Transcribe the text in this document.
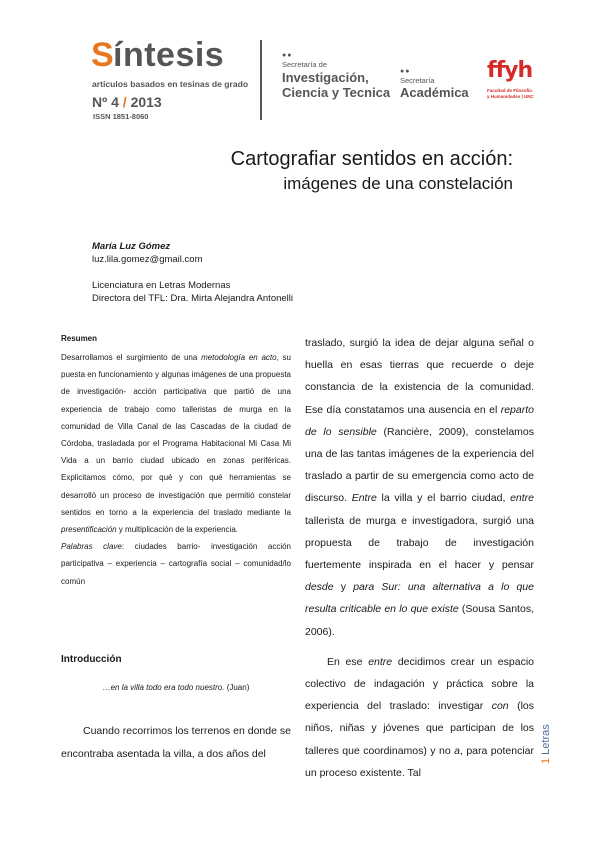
S íntesis
artículos basados en tesinas de grado
Nº 4 / 2013
ISSN 1851-8060
●●
Secretaría de
Investigación,
Ciencia y Tecnica
●●
Secretaría
Académica
ffyh
Facultad de Filosofía
y Humanidades | UNC
Cartografiar sentidos en acción:
imágenes de una constelación
María Luz Gómez
luz.lila.gomez@gmail.com
Licenciatura en Letras Modernas
Directora del TFL: Dra. Mirta Alejandra Antonelli
Resumen

Desarrollamos el surgimiento de una metodología en acto, su puesta en funcionamiento y algunas imágenes de una propuesta de investigación- acción participativa que partió de una experiencia de trabajo como talleristas de murga en la comunidad de Villa Canal de las Cascadas de la ciudad de Córdoba, trasladada por el Programa Habitacional Mi Casa Mi Vida a un barrio ciudad ubicado en zonas periféricas. Explicitamos cómo, por qué y con qué herramientas se desarrolló un proceso de investigación que permitió constelar sentidos en torno a la experiencia del traslado mediante la presentificación y multiplicación de la experiencia.

Palabras clave: ciudades barrio- investigación acción participativa – experiencia – cartografía social – comunidad/lo común

Introducción
…en la villa todo era todo nuestro. (Juan)
Cuando recorrimos los terrenos en donde se encontraba asentada la villa, a dos años del

traslado, surgió la idea de dejar alguna señal o huella en esas tierras que recuerde o deje constancia de la existencia de la comunidad. Ese día constatamos una ausencia en el reparto de lo sensible (Rancière, 2009), constelamos una de las tantas imágenes de la experiencia del traslado a partir de su emergencia como acto de discurso. Entre la villa y el barrio ciudad, entre tallerista de murga e investigadora, surgió una propuesta de trabajo de investigación fuertemente inspirada en el hacer y pensar desde y para Sur: una alternativa a lo que resulta criticable en lo que existe (Sousa Santos, 2006).

En ese entre decidimos crear un espacio colectivo de indagación y práctica sobre la experiencia del traslado: investigar con (los niños, niñas y jóvenes que participan de los talleres que coordinamos) y no a, para potenciar un proceso existente. Tal

1 Letras
